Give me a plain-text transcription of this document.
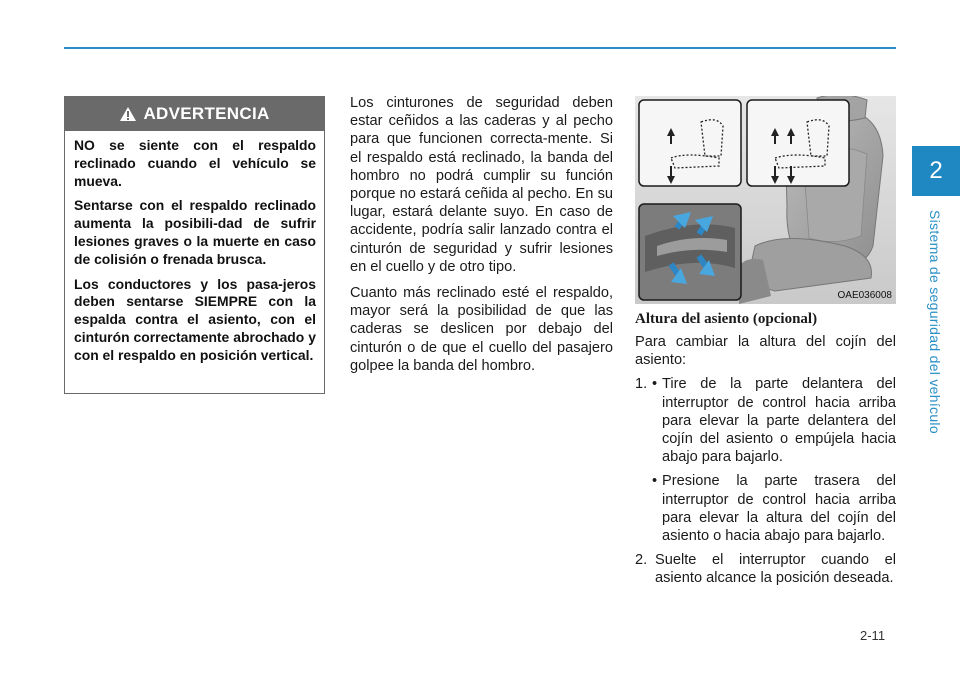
2
Sistema de seguridad del vehículo
ADVERTENCIA

NO se siente con el respaldo reclinado cuando el vehículo se mueva.

Sentarse con el respaldo reclinado aumenta la posibili-dad de sufrir lesiones graves o la muerte en caso de colisión o frenada brusca.

Los conductores y los pasa-jeros deben sentarse SIEMPRE con la espalda contra el asiento, con el cinturón correctamente abrochado y con el respaldo en posición vertical.

Los cinturones de seguridad deben estar ceñidos a las caderas y al pecho para que funcionen correcta-mente. Si el respaldo está reclinado, la banda del hombro no podrá cumplir su función porque no estará ceñida al pecho. En su lugar, estará delante suyo. En caso de accidente, podría salir lanzado contra el cinturón de seguridad y sufrir lesiones en el cuello y de otro tipo.

Cuanto más reclinado esté el respaldo, mayor será la posibilidad de que las caderas se deslicen por debajo del cinturón o de que el cuello del pasajero golpee la banda del hombro.

OAE036008
Altura del asiento (opcional)

Para cambiar la altura del cojín del asiento:

1. • Tire de la parte delantera del interruptor de control hacia arriba para elevar la parte delantera del cojín del asiento o empújela hacia abajo para bajarlo.
• Presione la parte trasera del interruptor de control hacia arriba para elevar la altura del cojín del asiento o hacia abajo para bajarlo.
2. Suelte el interruptor cuando el asiento alcance la posición deseada.
2-11
